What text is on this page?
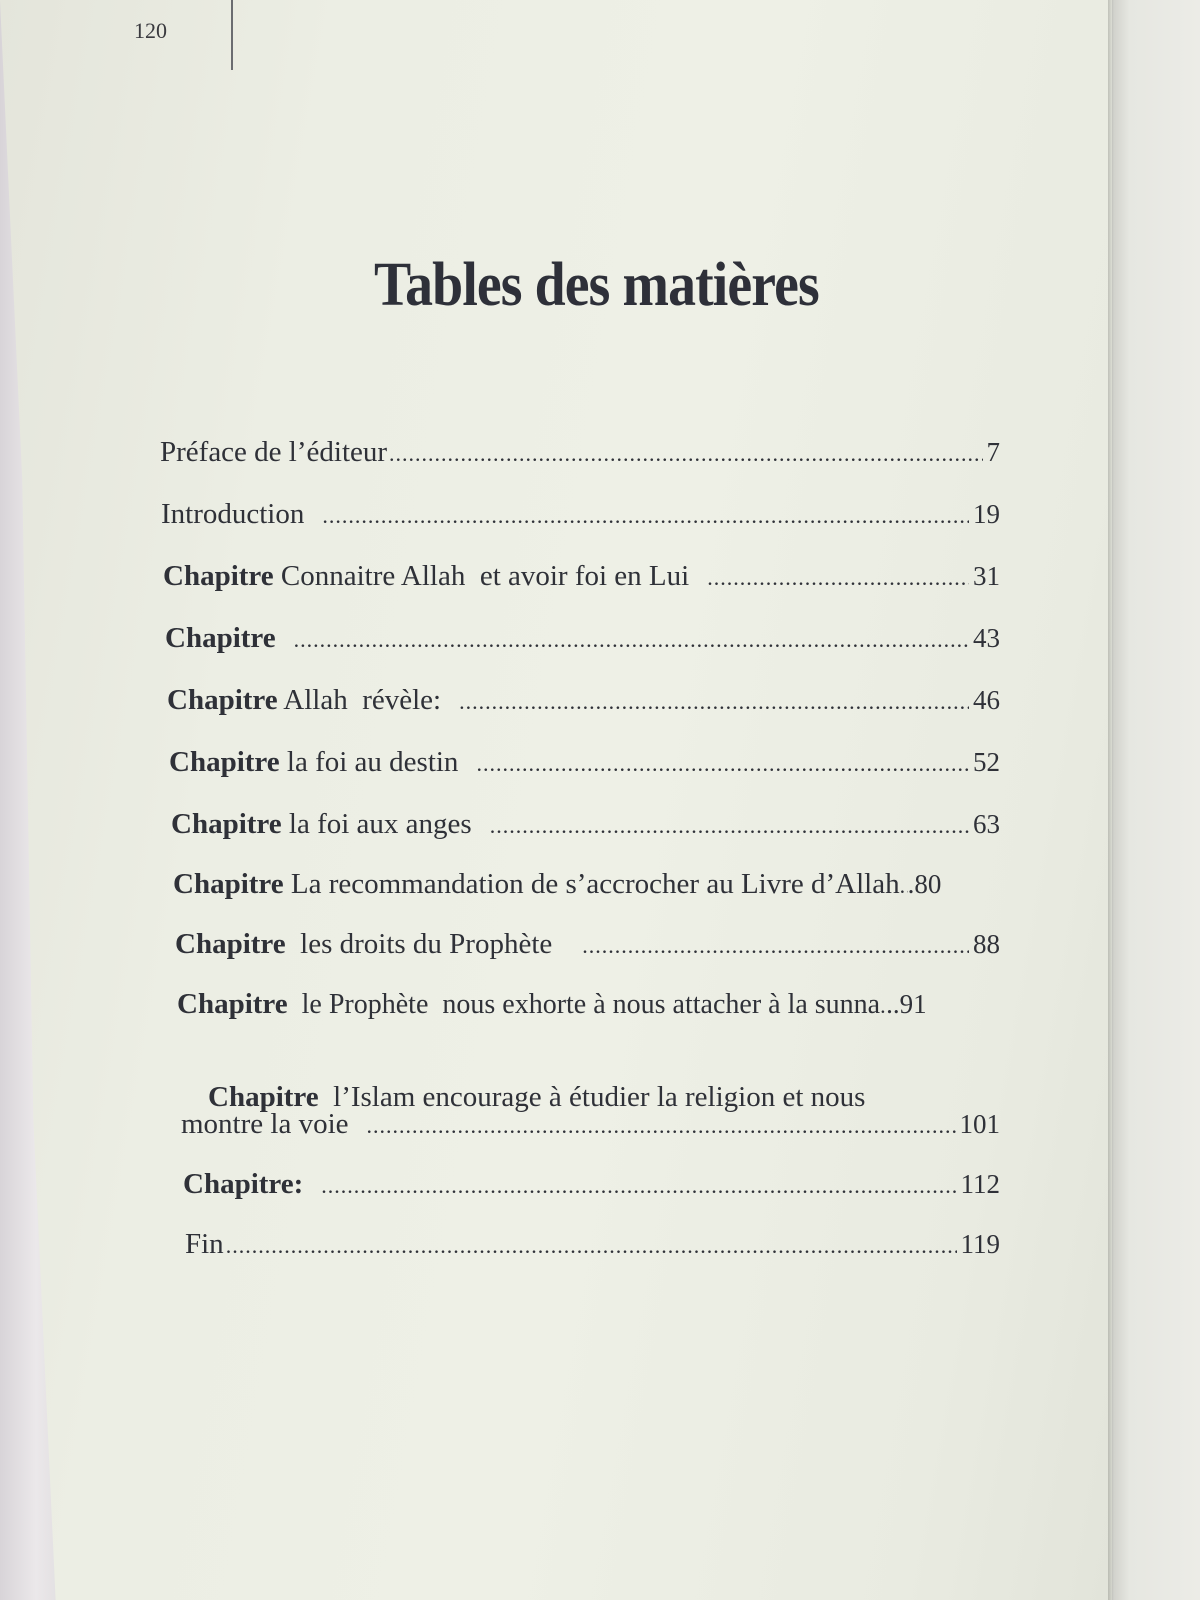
120
Tables des matières
Préface de l’éditeur .....	7
Introduction .....	19
Chapitre Connaitre Allah  et avoir foi en Lui .....	31
Chapitre .....	43
Chapitre Allah  révèle: .....	46
Chapitre la foi au destin .....	52
Chapitre la foi aux anges .....	63
Chapitre La recommandation de s’accrocher au Livre d’Allah ..... .80
Chapitre les droits du Prophète .....	88
Chapitre le Prophète  nous exhorte à nous attacher à la sunna ..... ..91

Chapitre  l’Islam encourage à étudier la religion et nous

montre la voie .....	101
Chapitre: .....	112
Fin .....	119
